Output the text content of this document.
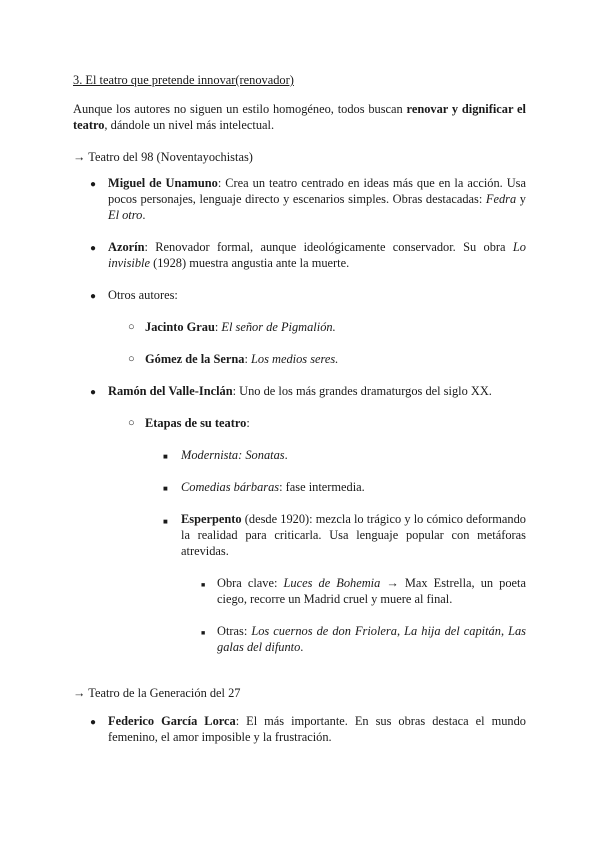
3. El teatro que pretende innovar(renovador)
Aunque los autores no siguen un estilo homogéneo, todos buscan renovar y dignificar el teatro, dándole un nivel más intelectual.
→ Teatro del 98 (Noventayochistas)
● Miguel de Unamuno: Crea un teatro centrado en ideas más que en la acción. Usa pocos personajes, lenguaje directo y escenarios simples. Obras destacadas: Fedra y El otro.
● Azorín: Renovador formal, aunque ideológicamente conservador. Su obra Lo invisible (1928) muestra angustia ante la muerte.
● Otros autores:
○ Jacinto Grau: El señor de Pigmalión.
○ Gómez de la Serna: Los medios seres.
● Ramón del Valle-Inclán: Uno de los más grandes dramaturgos del siglo XX.
○ Etapas de su teatro:
■ Modernista: Sonatas.
■ Comedias bárbaras: fase intermedia.
■ Esperpento (desde 1920): mezcla lo trágico y lo cómico deformando la realidad para criticarla. Usa lenguaje popular con metáforas atrevidas.
■ Obra clave: Luces de Bohemia → Max Estrella, un poeta ciego, recorre un Madrid cruel y muere al final.
■ Otras: Los cuernos de don Friolera, La hija del capitán, Las galas del difunto.
→ Teatro de la Generación del 27
● Federico García Lorca: El más importante. En sus obras destaca el mundo femenino, el amor imposible y la frustración.
